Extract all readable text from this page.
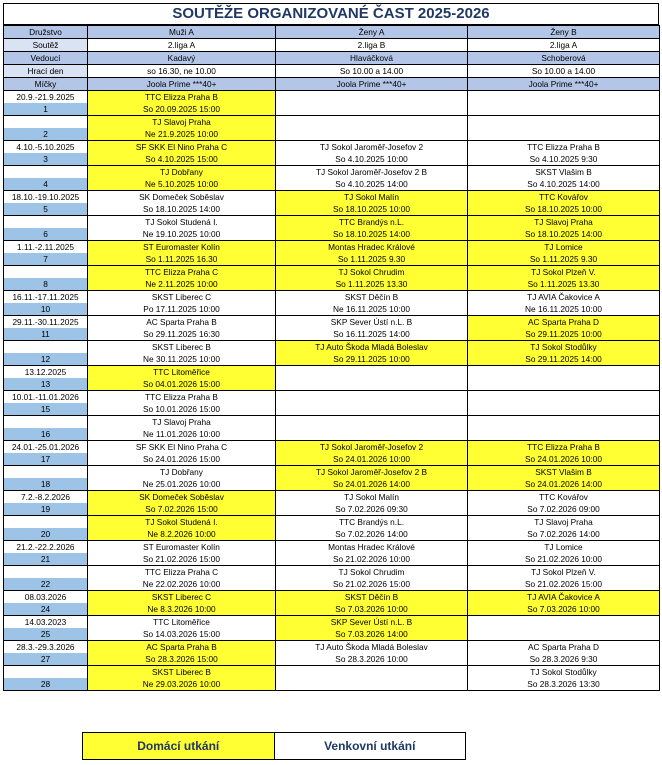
SOUTĚŽE ORGANIZOVANÉ ČAST 2025-2026
Družstvo	Muži A	Ženy A	Ženy B
Soutěž	2.liga A	2.liga B	2.liga A
Vedoucí	Kadavý	Hlaváčková	Schoberová
Hrací den	so 16.30, ne 10.00	So 10.00 a 14.00	So 10.00 a 14.00
Míčky	Joola Prime ***40+	Joola Prime ***40+	Joola Prime ***40+
20.9.-21.9.2025	TTC Elizza Praha B		
1	So 20.09.2025 15:00		
	TJ Slavoj Praha		
2	Ne 21.9.2025 10:00		
4.10.-5.10.2025	SF SKK El Nino Praha C	TJ Sokol Jaroměř-Josefov 2	TTC Elizza Praha B
3	So 4.10.2025 15:00	So 4.10.2025 10:00	So 4.10.2025 9:30
	TJ Dobřany	TJ Sokol Jaroměř-Josefov 2 B	SKST Vlašim B
4	Ne 5.10.2025 10:00	So 4.10.2025 14:00	So 4.10.2025 14:00
18.10.-19.10.2025	SK Domeček Soběslav	TJ Sokol Malín	TTC Kovářov
5	So 18.10.2025 14:00	So 18.10.2025 10:00	So 18.10.2025 10:00
	TJ Sokol Studená I.	TTC Brandýs n.L.	TJ Slavoj Praha
6	Ne 19.10.2025 10:00	So 18.10.2025 14:00	So 18.10.2025 14:00
1.11.-2.11.2025	ST Euromaster Kolín	Montas Hradec Králové	TJ Lomice
7	So 1.11.2025 16.30	So 1.11.2025 9.30	So 1.11.2025 9.30
	TTC Elizza Praha C	TJ Sokol Chrudim	TJ Sokol Plzeň V.
8	Ne 2.11.2025 10:00	So 1.11.2025 13.30	So 1.11.2025 13.30
16.11.-17.11.2025	SKST Liberec C	SKST Děčín B	TJ AVIA Čakovice A
10	Po 17.11.2025 10:00	Ne 16.11.2025 10:00	Ne 16.11.2025 10:00
29.11.-30.11.2025	AC Sparta Praha B	SKP Sever Ústí n.L. B	AC Sparta Praha D
11	So 29.11.2025 16:30	So 16.11.2025 14:00	So 29.11.2025 10:00
	SKST Liberec B	TJ Auto Škoda Mladá Boleslav	TJ Sokol Stodůlky
12	Ne 30.11.2025 10:00	So 29.11.2025 10:00	So 29.11.2025 14:00
13.12.2025	TTC Litoměřice		
13	So 04.01.2026 15:00		
10.01.-11.01.2026	TTC Elizza Praha B		
15	So 10.01.2026 15:00		
	TJ Slavoj Praha		
16	Ne 11.01.2026 10:00		
24.01.-25.01.2026	SF SKK El Nino Praha C	TJ Sokol Jaroměř-Josefov 2	TTC Elizza Praha B
17	So 24.01.2026 15:00	So 24.01.2026 10:00	So 24.01.2026 10:00
	TJ Dobřany	TJ Sokol Jaroměř-Josefov 2 B	SKST Vlašim B
18	Ne 25.01.2026 10:00	So 24.01.2026 14:00	So 24.01.2026 14:00
7.2.-8.2.2026	SK Domeček Soběslav	TJ Sokol Malín	TTC Kovářov
19	So 7.02.2026 15:00	So 7.02.2026 09:30	So 7.02.2026 09:00
	TJ Sokol Studená I.	TTC Brandýs n.L.	TJ Slavoj Praha
20	Ne 8.2.2026 10:00	So 7.02.2026 14:00	So 7.02.2026 14:00
21.2.-22.2.2026	ST Euromaster Kolín	Montas Hradec Králové	TJ Lomice
21	So 21.02.2026 15:00	So 21.02.2026 10:00	So 21.02.2026 10:00
	TTC Elizza Praha C	TJ Sokol Chrudim	TJ Sokol Plzeň V.
22	Ne 22.02.2026 10:00	So 21.02.2026 15:00	So 21.02.2026 15:00
08.03.2026	SKST Liberec C	SKST Děčín B	TJ AVIA Čakovice A
24	Ne 8.3.2026 10:00	So 7.03.2026 10:00	So 7.03.2026 10:00
14.03.2023	TTC Litoměřice	SKP Sever Ústí n.L. B	
25	So 14.03.2026 15:00	So 7.03.2026 14:00	
28.3.-29.3.2026	AC Sparta Praha B	TJ Auto Škoda Mladá Boleslav	AC Sparta Praha D
27	So 28.3.2026 15:00	So 28.3.2026 10:00	So 28.3.2026 9:30
	SKST Liberec B		TJ Sokol Stodůlky
28	Ne 29.03.2026 10:00		So 28.3.2026 13:30
Domácí utkání	Venkovní utkání
